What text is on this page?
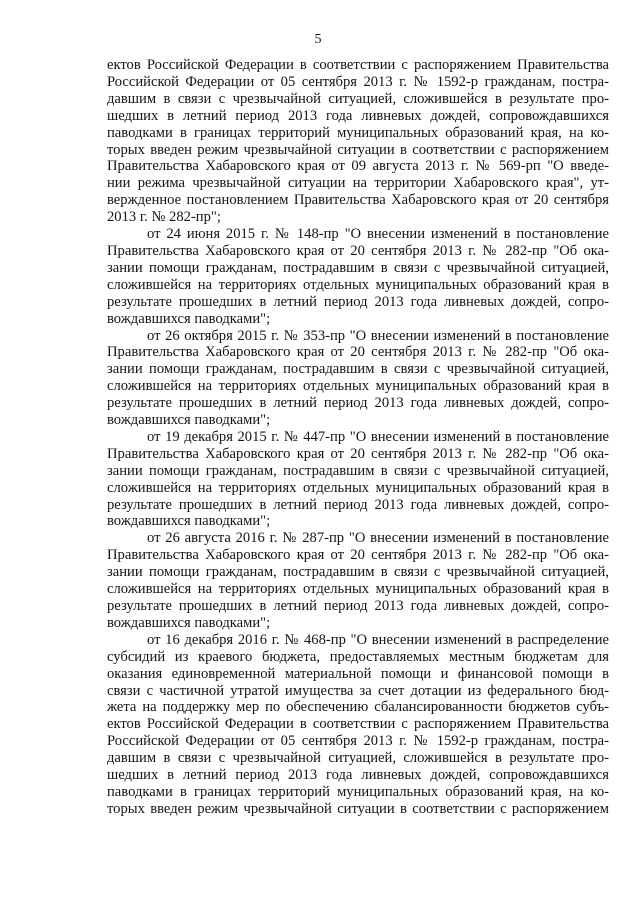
5
ектов Российской Федерации в соответствии с распоряжением Правительства
Российской Федерации от 05 сентября 2013 г. № 1592-р гражданам, постра-
давшим в связи с чрезвычайной ситуацией, сложившейся в результате про-
шедших в летний период 2013 года ливневых дождей, сопровождавшихся
паводками в границах территорий муниципальных образований края, на ко-
торых введен режим чрезвычайной ситуации в соответствии с распоряжением
Правительства Хабаровского края от 09 августа 2013 г. № 569-рп "О введе-
нии режима чрезвычайной ситуации на территории Хабаровского края", ут-
вержденное постановлением Правительства Хабаровского края от 20 сентября
2013 г. № 282-пр";
от 24 июня 2015 г. № 148-пр "О внесении изменений в постановление
Правительства Хабаровского края от 20 сентября 2013 г. № 282-пр "Об ока-
зании помощи гражданам, пострадавшим в связи с чрезвычайной ситуацией,
сложившейся на территориях отдельных муниципальных образований края в
результате прошедших в летний период 2013 года ливневых дождей, сопро-
вождавшихся паводками";
от 26 октября 2015 г. № 353-пр "О внесении изменений в постановление
Правительства Хабаровского края от 20 сентября 2013 г. № 282-пр "Об ока-
зании помощи гражданам, пострадавшим в связи с чрезвычайной ситуацией,
сложившейся на территориях отдельных муниципальных образований края в
результате прошедших в летний период 2013 года ливневых дождей, сопро-
вождавшихся паводками";
от 19 декабря 2015 г. № 447-пр "О внесении изменений в постановление
Правительства Хабаровского края от 20 сентября 2013 г. № 282-пр "Об ока-
зании помощи гражданам, пострадавшим в связи с чрезвычайной ситуацией,
сложившейся на территориях отдельных муниципальных образований края в
результате прошедших в летний период 2013 года ливневых дождей, сопро-
вождавшихся паводками";
от 26 августа 2016 г. № 287-пр "О внесении изменений в постановление
Правительства Хабаровского края от 20 сентября 2013 г. № 282-пр "Об ока-
зании помощи гражданам, пострадавшим в связи с чрезвычайной ситуацией,
сложившейся на территориях отдельных муниципальных образований края в
результате прошедших в летний период 2013 года ливневых дождей, сопро-
вождавшихся паводками";
от 16 декабря 2016 г. № 468-пр "О внесении изменений в распределение
субсидий из краевого бюджета, предоставляемых местным бюджетам для
оказания единовременной материальной помощи и финансовой помощи в
связи с частичной утратой имущества за счет дотации из федерального бюд-
жета на поддержку мер по обеспечению сбалансированности бюджетов субъ-
ектов Российской Федерации в соответствии с распоряжением Правительства
Российской Федерации от 05 сентября 2013 г. № 1592-р гражданам, постра-
давшим в связи с чрезвычайной ситуацией, сложившейся в результате про-
шедших в летний период 2013 года ливневых дождей, сопровождавшихся
паводками в границах территорий муниципальных образований края, на ко-
торых введен режим чрезвычайной ситуации в соответствии с распоряжением
